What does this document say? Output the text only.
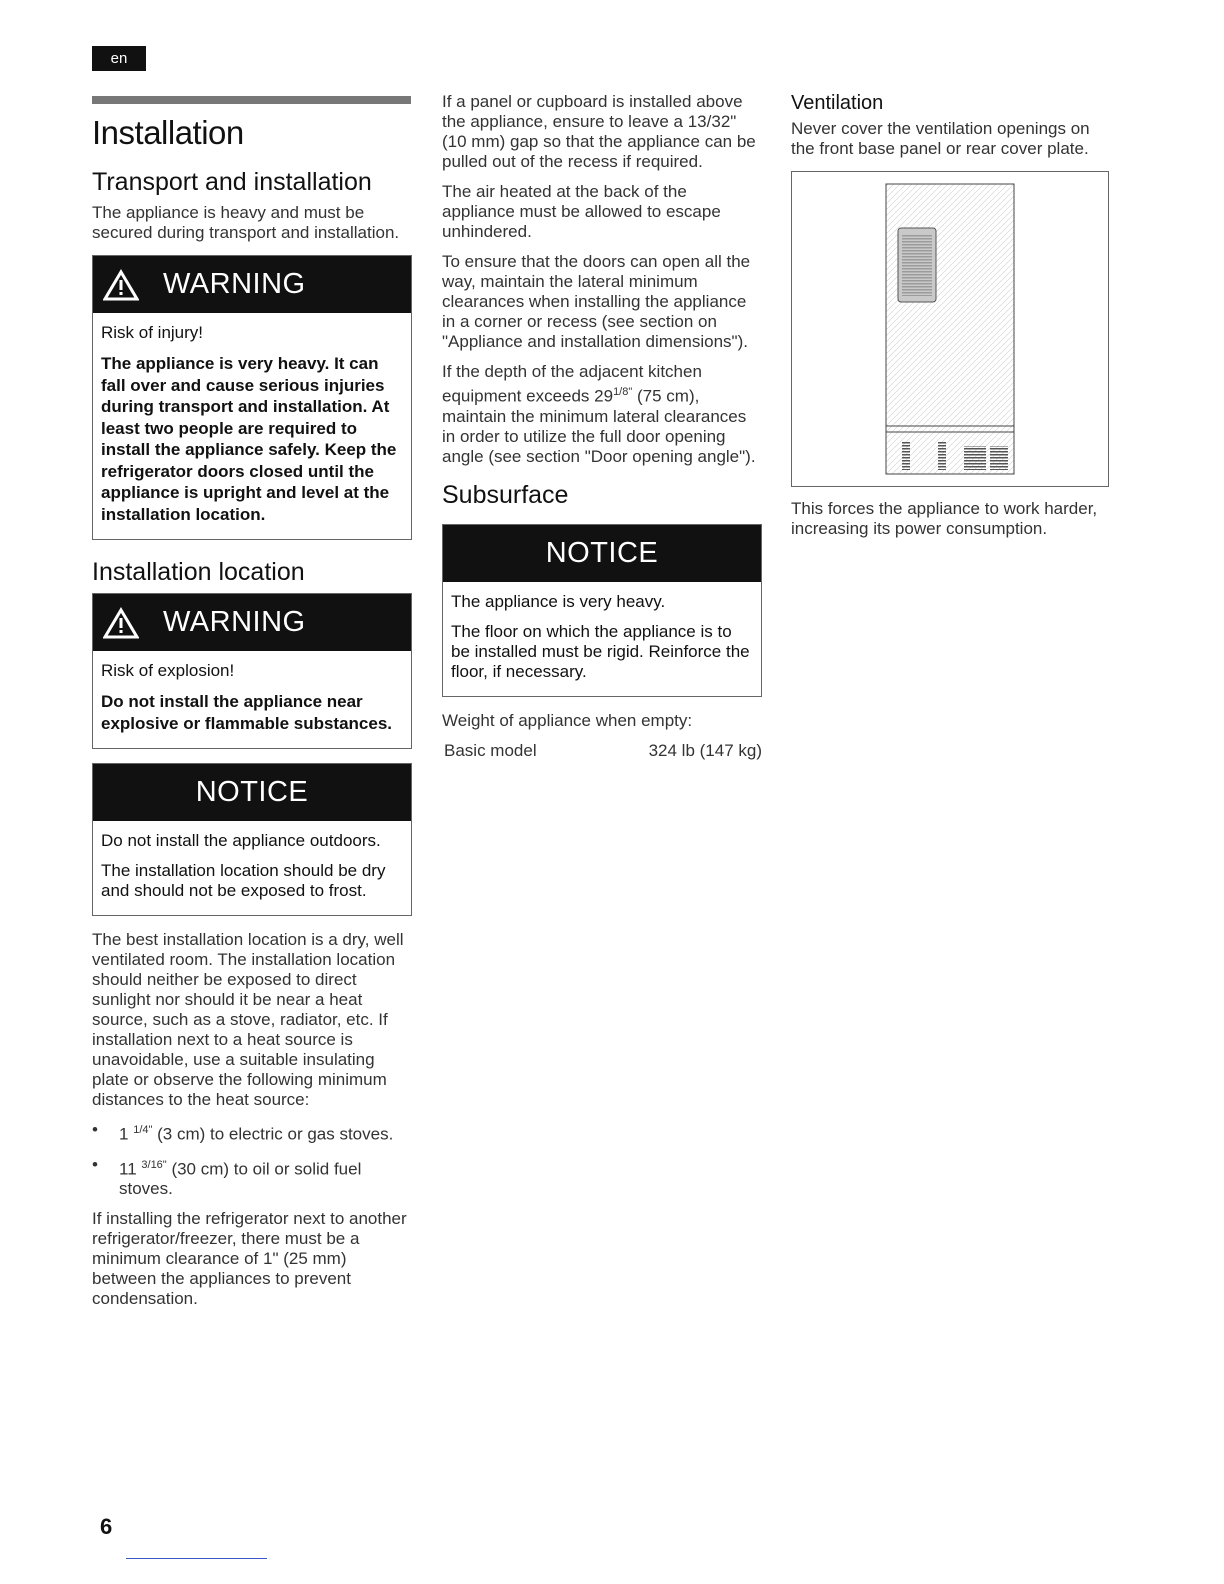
en
Installation
Transport and installation

The appliance is heavy and must be secured during transport and installation.

WARNING

Risk of injury!

The appliance is very heavy. It can fall over and cause serious injuries during transport and installation. At least two people are required to install the appliance safely. Keep the refrigerator doors closed until the appliance is upright and level at the installation location.

Installation location
WARNING

Risk of explosion!

Do not install the appliance near explosive or flammable substances.

NOTICE

Do not install the appliance outdoors.

The installation location should be dry and should not be exposed to frost.

The best installation location is a dry, well ventilated room. The installation location should neither be exposed to direct sunlight nor should it be near a heat source, such as a stove, radiator, etc. If installation next to a heat source is unavoidable, use a suitable insulating plate or observe the following minimum distances to the heat source:

• 1 $^{1/4"}$ (3 cm) to electric or gas stoves.
• 11 $^{3/16"}$ (30 cm) to oil or solid fuel stoves.

If installing the refrigerator next to another refrigerator/freezer, there must be a minimum clearance of 1" (25 mm) between the appliances to prevent condensation.

If a panel or cupboard is installed above the appliance, ensure to leave a 13/32" (10 mm) gap so that the appliance can be pulled out of the recess if required.

The air heated at the back of the appliance must be allowed to escape unhindered.

To ensure that the doors can open all the way, maintain the lateral minimum clearances when installing the appliance in a corner or recess (see section on "Appliance and installation dimensions").

If the depth of the adjacent kitchen equipment exceeds $29^{1/8"}$ (75 cm), maintain the minimum lateral clearances in order to utilize the full door opening angle (see section "Door opening angle").

Subsurface
NOTICE

The appliance is very heavy.

The floor on which the appliance is to be installed must be rigid. Reinforce the floor, if necessary.

Weight of appliance when empty:

Basic model	324 lb (147 kg)
Ventilation

Never cover the ventilation openings on the front base panel or rear cover plate.

This forces the appliance to work harder, increasing its power consumption.

6
